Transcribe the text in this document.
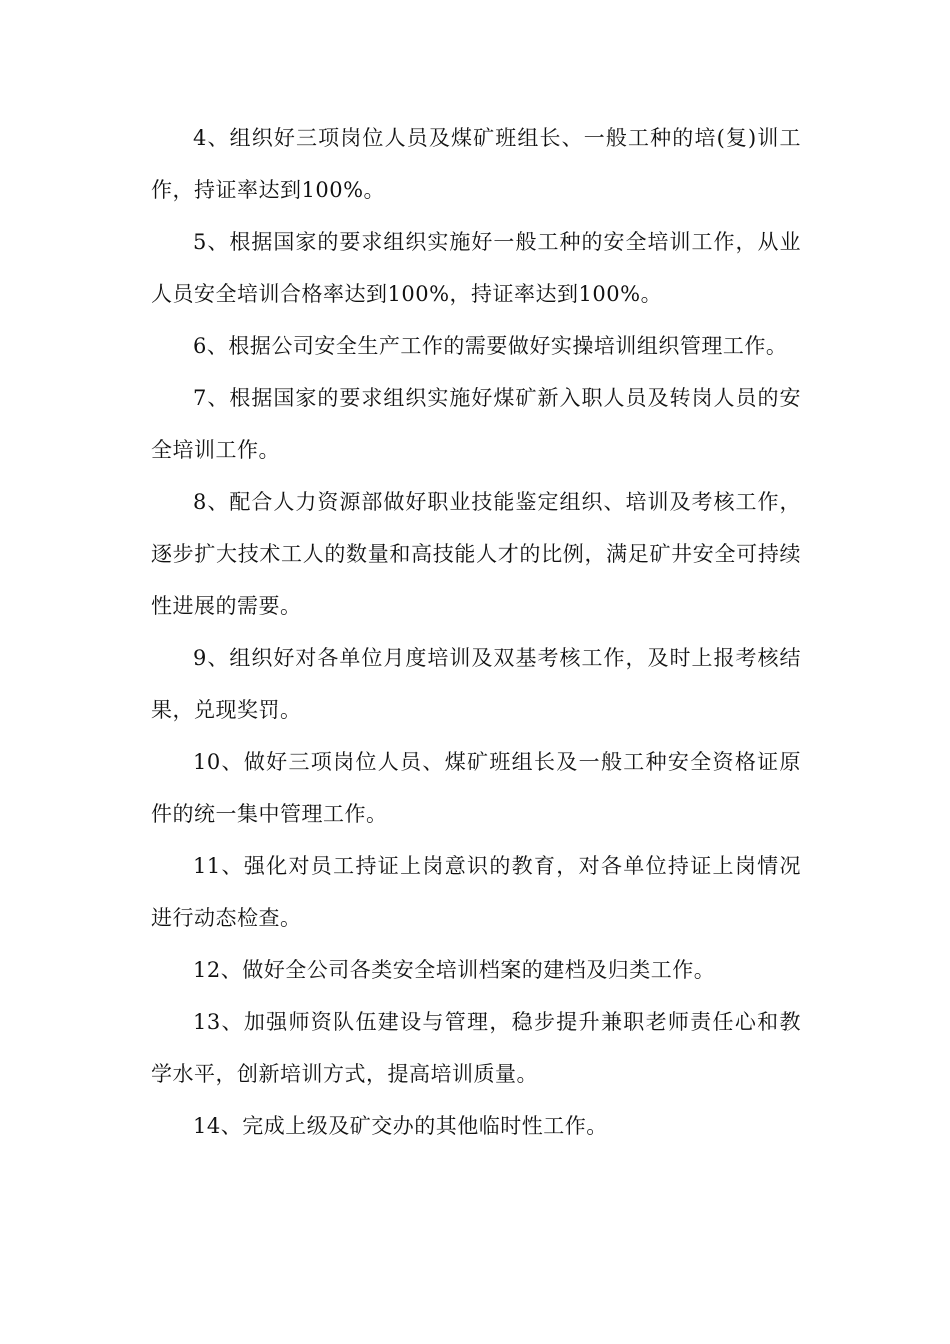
4、组织好三项岗位人员及煤矿班组长、一般工种的培(复)训工作，持证率达到100%。

5、根据国家的要求组织实施好一般工种的安全培训工作，从业人员安全培训合格率达到100%，持证率达到100%。

6、根据公司安全生产工作的需要做好实操培训组织管理工作。

7、根据国家的要求组织实施好煤矿新入职人员及转岗人员的安全培训工作。

8、配合人力资源部做好职业技能鉴定组织、培训及考核工作，逐步扩大技术工人的数量和高技能人才的比例，满足矿井安全可持续性进展的需要。

9、组织好对各单位月度培训及双基考核工作，及时上报考核结果，兑现奖罚。

10、做好三项岗位人员、煤矿班组长及一般工种安全资格证原件的统一集中管理工作。

11、强化对员工持证上岗意识的教育，对各单位持证上岗情况进行动态检查。

12、做好全公司各类安全培训档案的建档及归类工作。

13、加强师资队伍建设与管理，稳步提升兼职老师责任心和教学水平，创新培训方式，提高培训质量。

14、完成上级及矿交办的其他临时性工作。
